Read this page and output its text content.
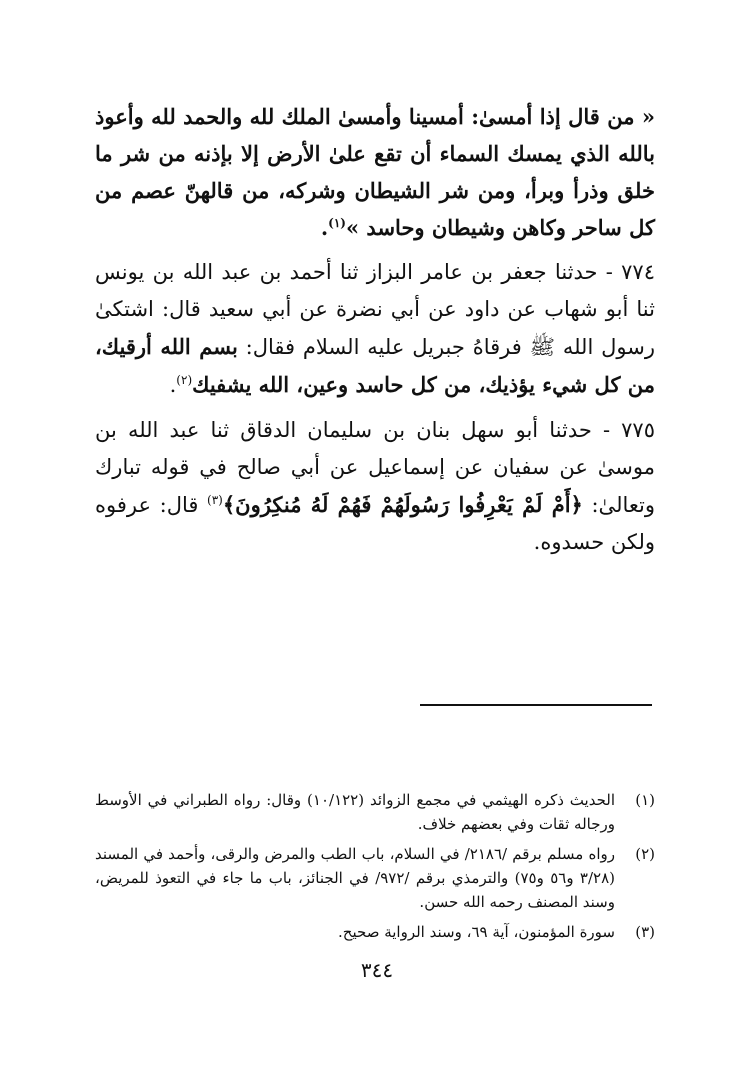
« من قال إذا أمسىٰ: أمسينا وأمسىٰ الملك لله والحمد لله وأعوذ بالله الذي يمسك السماء أن تقع علىٰ الأرض إلا بإذنه من شر ما خلق وذرأ وبرأ، ومن شر الشيطان وشركه، من قالهنّ عصم من كل ساحر وكاهن وشيطان وحاسد »$^{(١)}$.

٧٧٤ - حدثنا جعفر بن عامر البزاز ثنا أحمد بن عبد الله بن يونس ثنا أبو شهاب عن داود عن أبي نضرة عن أبي سعيد قال: اشتكىٰ رسول الله ﷺ فرقاهُ جبريل عليه السلام فقال: بسم الله أرقيك، من كل شيء يؤذيك، من كل حاسد وعين، الله يشفيك$^{(٢)}$.

٧٧٥ - حدثنا أبو سهل بنان بن سليمان الدقاق ثنا عبد الله بن موسىٰ عن سفيان عن إسماعيل عن أبي صالح في قوله تبارك وتعالىٰ: ﴿أَمْ لَمْ يَعْرِفُوا رَسُولَهُمْ فَهُمْ لَهُ مُنكِرُونَ﴾$^{(٣)}$ قال: عرفوه ولكن حسدوه.

(١)
الحديث ذكره الهيثمي في مجمع الزوائد (١٠/١٢٢) وقال: رواه الطبراني في الأوسط ورجاله ثقات وفي بعضهم خلاف.
(٢)
رواه مسلم برقم /٢١٨٦/ في السلام، باب الطب والمرض والرقى، وأحمد في المسند (٣/٢٨ و٥٦ و٧٥) والترمذي برقم /٩٧٢/ في الجنائز، باب ما جاء في التعوذ للمريض، وسند المصنف رحمه الله حسن.
(٣)
سورة المؤمنون، آية ٦٩، وسند الرواية صحيح.
٣٤٤
